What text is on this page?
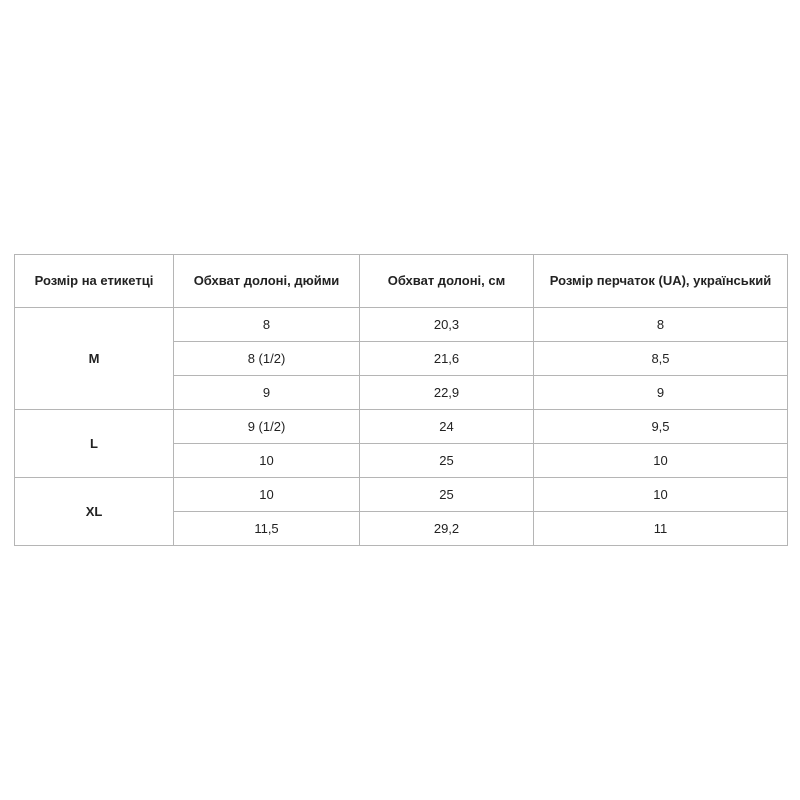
Розмір на етикетці	Обхват долоні, дюйми	Обхват долоні, см	Розмір перчаток (UA), український
M	8	20,3	8
	8 (1/2)	21,6	8,5
	9	22,9	9
L	9 (1/2)	24	9,5
	10	25	10
XL	10	25	10
	11,5	29,2	11
